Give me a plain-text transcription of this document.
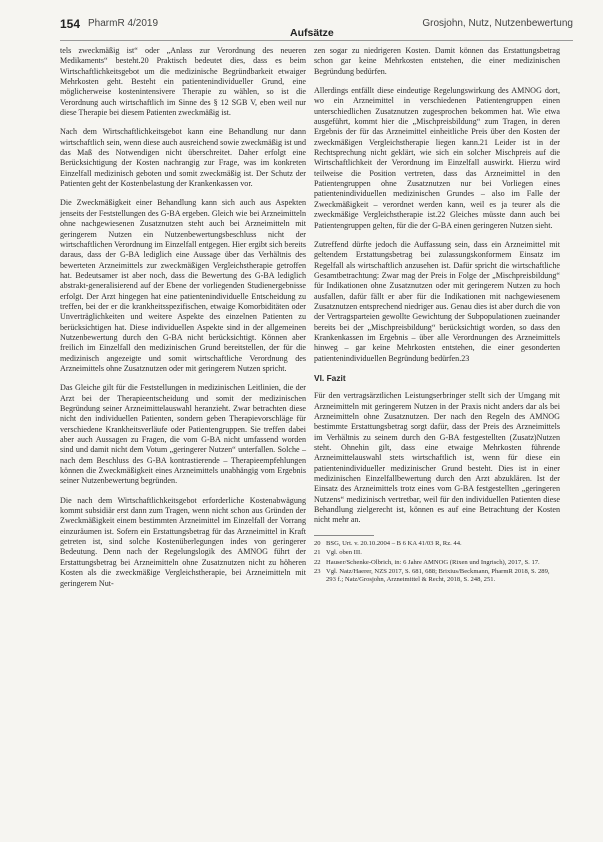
154 PharmR 4/2019
Aufsätze
Grosjohn, Nutz, Nutzenbewertung

tels zweckmäßig ist“ oder „Anlass zur Verordnung des neueren Medikaments“ besteht.20 Praktisch bedeutet dies, dass es beim Wirtschaftlichkeitsgebot um die medizinische Begründbarkeit etwaiger Mehrkosten geht. Besteht ein patientenindividueller Grund, eine möglicherweise kostenintensivere Therapie zu wählen, so ist die Verordnung auch wirtschaftlich im Sinne des § 12 SGB V, eben weil nur diese Therapie bei diesem Patienten zweckmäßig ist.

Nach dem Wirtschaftlichkeitsgebot kann eine Behandlung nur dann wirtschaftlich sein, wenn diese auch ausreichend sowie zweckmäßig ist und das Maß des Notwendigen nicht überschreitet. Daher erfolgt eine Berücksichtigung der Kosten nachrangig zur Frage, was im konkreten Einzelfall medizinisch geboten und somit zweckmäßig ist. Der Schutz der Patienten geht der Kostenbelastung der Krankenkassen vor.

Die Zweckmäßigkeit einer Behandlung kann sich auch aus Aspekten jenseits der Feststellungen des G-BA ergeben. Gleich wie bei Arzneimitteln ohne nachgewiesenen Zusatznutzen steht auch bei Arzneimitteln mit geringerem Nutzen ein Nutzenbewertungsbeschluss nicht der wirtschaftlichen Verordnung im Einzelfall entgegen. Hier ergibt sich bereits daraus, dass der G-BA lediglich eine Aussage über das Verhältnis des bewerteten Arzneimittels zur zweckmäßigen Vergleichstherapie getroffen hat. Bedeutsamer ist aber noch, dass die Bewertung des G-BA lediglich abstrakt-generalisierend auf der Ebene der vorliegenden Studienergebnisse erfolgt. Der Arzt hingegen hat eine patientenindividuelle Entscheidung zu treffen, bei der er die krankheitsspezifischen, etwaige Komorbiditäten oder Unverträglichkeiten und weitere Aspekte des einzelnen Patienten zu berücksichtigen hat. Diese individuellen Aspekte sind in der allgemeinen Nutzenbewertung durch den G-BA nicht berücksichtigt. Können aber freilich im Einzelfall den medizinischen Grund bereitstellen, der für die medizinisch angezeigte und somit wirtschaftliche Verordnung des Arzneimittels ohne Zusatznutzen oder mit geringerem Nutzen spricht.

Das Gleiche gilt für die Feststellungen in medizinischen Leitlinien, die der Arzt bei der Therapieentscheidung und somit der medizinischen Begründung seiner Arzneimittelauswahl heranzieht. Zwar betrachten diese nicht den individuellen Patienten, sondern geben Therapievorschläge für verschiedene Krankheitsverläufe oder Patientengruppen. Sie treffen dabei aber auch Aussagen zu Fragen, die vom G-BA nicht umfassend worden sind und damit nicht dem Votum „geringerer Nutzen“ unterfallen. Solche – nach dem Beschluss des G-BA kontrastierende – Therapieempfehlungen können die Zweckmäßigkeit eines Arzneimittels unabhängig vom Ergebnis seiner Nutzenbewertung begründen.

Die nach dem Wirtschaftlichkeitsgebot erforderliche Kostenabwägung kommt subsidiär erst dann zum Tragen, wenn nicht schon aus Gründen der Zweckmäßigkeit einem bestimmten Arzneimittel im Einzelfall der Vorrang einzuräumen ist. Sofern ein Erstattungsbetrag für das Arzneimittel in Kraft getreten ist, sind solche Kostenüberlegungen indes von geringerer Bedeutung. Denn nach der Regelungslogik des AMNOG führt der Erstattungsbetrag bei Arzneimitteln ohne Zusatznutzen nicht zu höheren Kosten als die zweckmäßige Vergleichstherapie, bei Arzneimitteln mit geringerem Nut-

zen sogar zu niedrigeren Kosten. Damit können das Erstattungsbetrag schon gar keine Mehrkosten entstehen, die einer medizinischen Begründung bedürfen.

Allerdings entfällt diese eindeutige Regelungswirkung des AMNOG dort, wo ein Arzneimittel in verschiedenen Patientengruppen einen unterschiedlichen Zusatznutzen zugesprochen bekommen hat. Wie etwa ausgeführt, kommt hier die „Mischpreisbildung“ zum Tragen, in deren Ergebnis der für das Arzneimittel einheitliche Preis über den Kosten der zweckmäßigen Vergleichstherapie liegen kann.21 Leider ist in der Rechtsprechung nicht geklärt, wie sich ein solcher Mischpreis auf die Wirtschaftlichkeit der Verordnung im Einzelfall auswirkt. Hierzu wird teilweise die Position vertreten, dass das Arzneimittel in den Patientengruppen ohne Zusatznutzen nur bei Vorliegen eines patientenindividuellen medizinischen Grundes – also im Falle der Zweckmäßigkeit – verordnet werden kann, weil es ja teurer als die zweckmäßige Vergleichstherapie ist.22 Gleiches müsste dann auch bei Patientengruppen gelten, für die der G-BA einen geringeren Nutzen sieht.

Zutreffend dürfte jedoch die Auffassung sein, dass ein Arzneimittel mit geltendem Erstattungsbetrag bei zulassungskonformem Einsatz im Regelfall als wirtschaftlich anzusehen ist. Dafür spricht die wirtschaftliche Gesamtbetrachtung: Zwar mag der Preis in Folge der „Mischpreisbildung“ für Indikationen ohne Zusatznutzen oder mit geringerem Nutzen zu hoch ausfallen, dafür fällt er aber für die Indikationen mit nachgewiesenem Zusatznutzen entsprechend niedriger aus. Genau dies ist aber durch die von der Vertragsparteien gewollte Gewichtung der Subpopulationen zueinander bereits bei der „Mischpreisbildung“ berücksichtigt worden, so dass den Krankenkassen im Ergebnis – über alle Verordnungen des Arzneimittels hinweg – gar keine Mehrkosten entstehen, die einer gesonderten patientenindividuellen Begründung bedürfen.23

VI. Fazit

Für den vertragsärztlichen Leistungserbringer stellt sich der Umgang mit Arzneimitteln mit geringerem Nutzen in der Praxis nicht anders dar als bei Arzneimitteln ohne Zusatznutzen. Der nach den Regeln des AMNOG bestimmte Erstattungsbetrag sorgt dafür, dass der Preis des Arzneimittels im Verhältnis zu seinem durch den G-BA festgestellten (Zusatz)Nutzen steht. Ohnehin gilt, dass eine etwaige Mehrkosten führende Arzneimittelauswahl stets wirtschaftlich ist, wenn für diese ein patientenindividueller medizinischer Grund besteht. Dies ist in einer medizinischen Einzelfallbewertung durch den Arzt abzuklären. Ist der Einsatz des Arzneimittels trotz eines vom G-BA festgestellten „geringeren Nutzens“ medizinisch vertretbar, weil für den individuellen Patienten diese Behandlung zielgerecht ist, können es auf eine Betrachtung der Kosten nicht mehr an.

20 BSG, Urt. v. 20.10.2004 – B 6 KA 41/03 R, Rz. 44.
21 Vgl. oben III.
22 Hauser/Schenke-Olbrich, in: 6 Jahre AMNOG (Rixen und Ingrisch), 2017, S. 17.
23 Vgl. Natz/Haerer, NZS 2017, S. 681, 688; Brixius/Beckmann, PharmR 2018, S. 289, 293 f.; Natz/Grosjohn, Arzneimittel & Recht, 2018, S. 248, 251.
